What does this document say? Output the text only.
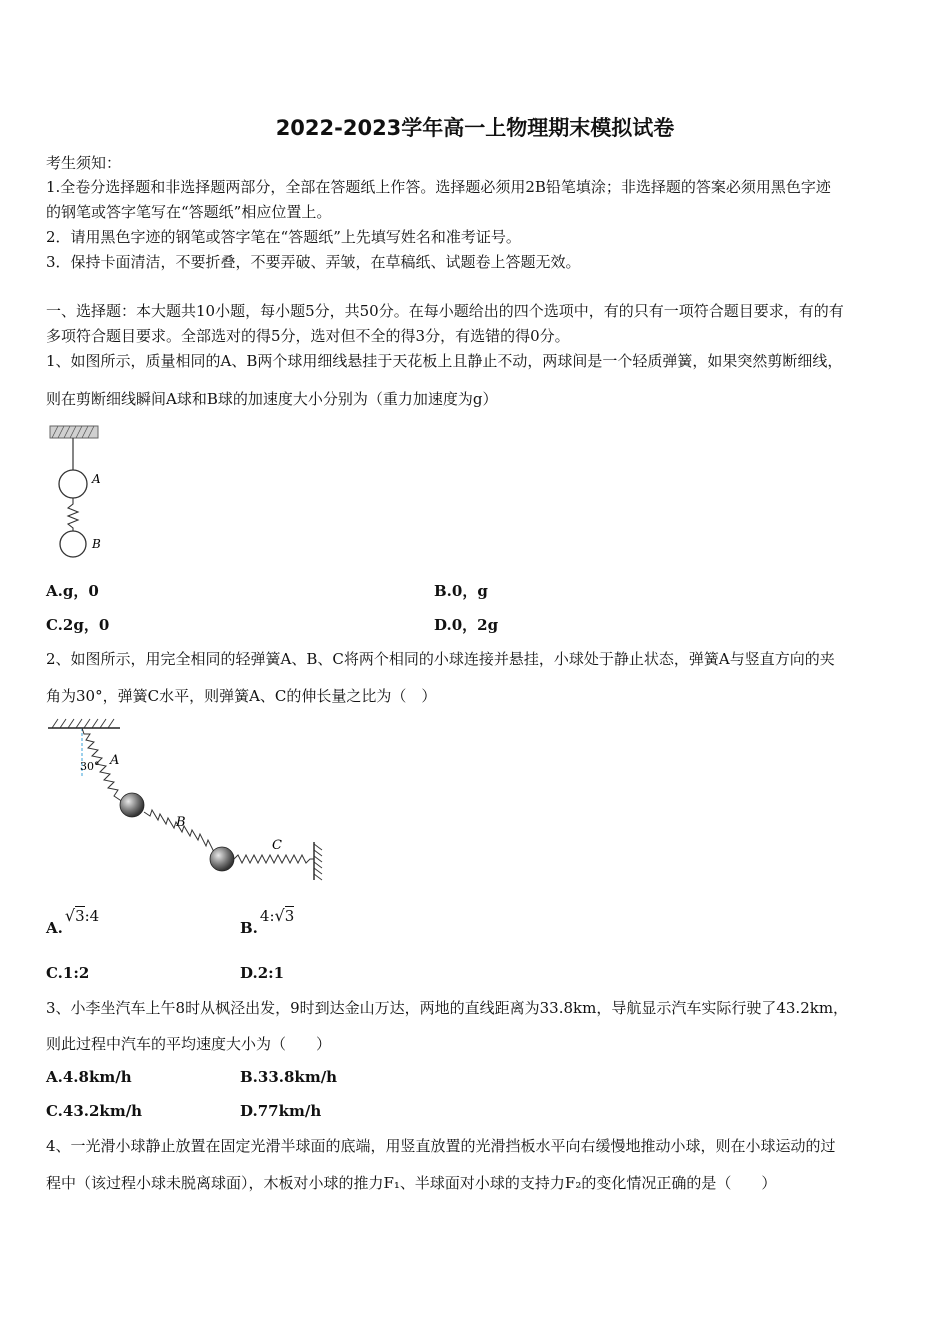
2022-2023学年高一上物理期末模拟试卷
考生须知：
1.全卷分选择题和非选择题两部分，全部在答题纸上作答。选择题必须用2B铅笔填涂；非选择题的答案必须用黑色字迹
的钢笔或答字笔写在“答题纸”相应位置上。
2．请用黑色字迹的钢笔或答字笔在“答题纸”上先填写姓名和准考证号。
3．保持卡面清洁，不要折叠，不要弄破、弄皱，在草稿纸、试题卷上答题无效。
一、选择题：本大题共10小题，每小题5分，共50分。在每小题给出的四个选项中，有的只有一项符合题目要求，有的有
多项符合题目要求。全部选对的得5分，选对但不全的得3分，有选错的得0分。
1、如图所示，质量相同的A、B两个球用细线悬挂于天花板上且静止不动，两球间是一个轻质弹簧，如果突然剪断细线，
则在剪断细线瞬间A球和B球的加速度大小分别为（重力加速度为g）
A
B
A.g，0	B.0，g
C.2g，0	D.0，2g
2、如图所示，用完全相同的轻弹簧A、B、C将两个相同的小球连接并悬挂，小球处于静止状态，弹簧A与竖直方向的夹
角为30°，弹簧C水平，则弹簧A、C的伸长量之比为（　）
30° A
B
C
A.√3:4
B.4:√3
C.1:2	D.2:1
3、小李坐汽车上午8时从枫泾出发，9时到达金山万达，两地的直线距离为33.8km，导航显示汽车实际行驶了43.2km，
则此过程中汽车的平均速度大小为（　　）
A.4.8km/h	B.33.8km/h
C.43.2km/h	D.77km/h
4、一光滑小球静止放置在固定光滑半球面的底端，用竖直放置的光滑挡板水平向右缓慢地推动小球，则在小球运动的过
程中（该过程小球未脱离球面），木板对小球的推力F₁、半球面对小球的支持力F₂的变化情况正确的是（　　）
